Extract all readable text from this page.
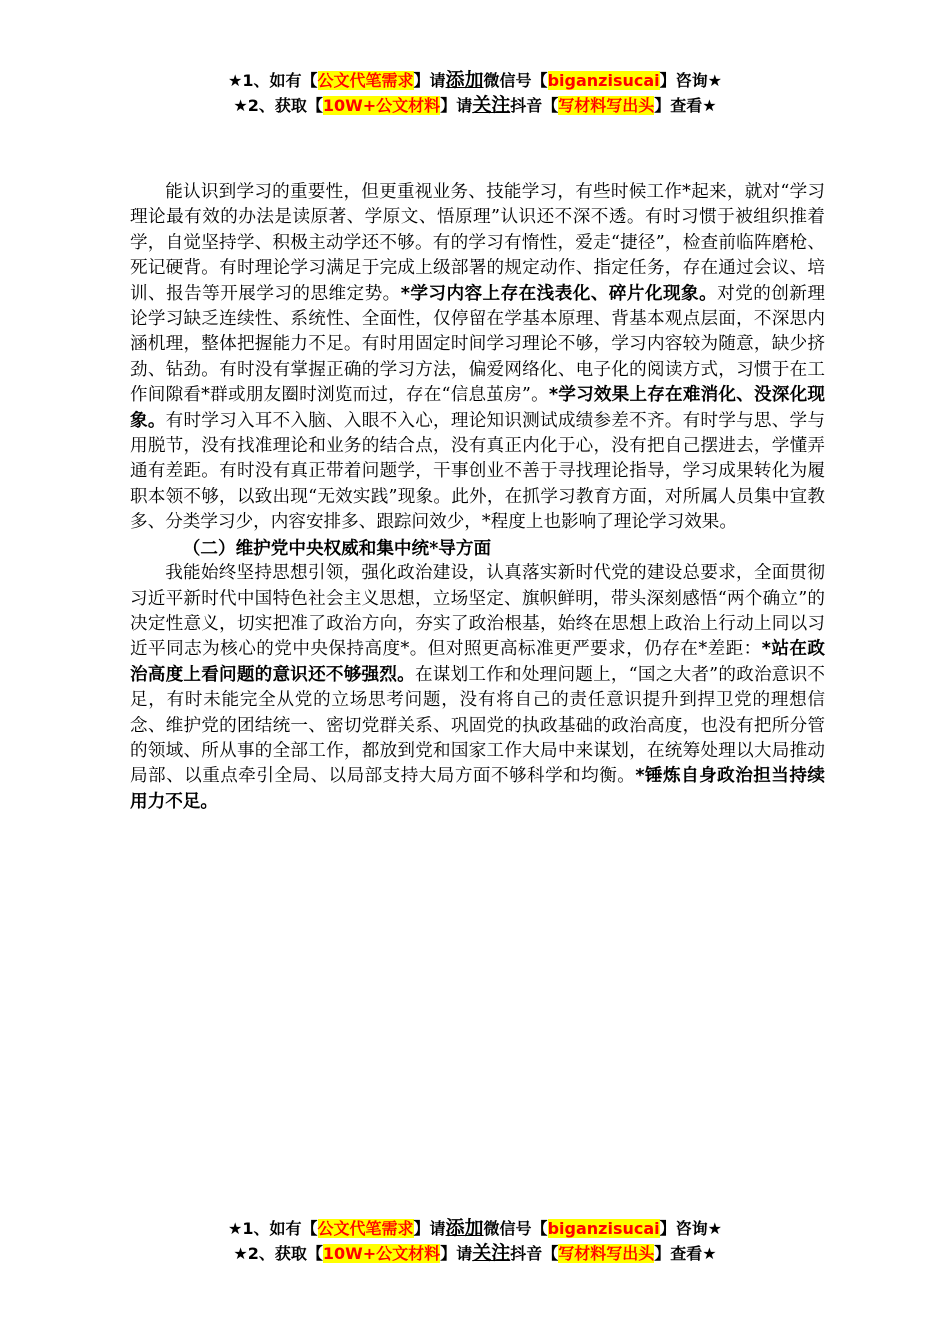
★1、如有【公文代笔需求】请添加微信号【biganzisucai】咨询★
★2、获取【10W+公文材料】请关注抖音【写材料写出头】查看★

能认识到学习的重要性，但更重视业务、技能学习，有些时候工作*起来，就对“学习理论最有效的办法是读原著、学原文、悟原理”认识还不深不透。有时习惯于被组织推着学，自觉坚持学、积极主动学还不够。有的学习有惰性，爱走“捷径”，检查前临阵磨枪、死记硬背。有时理论学习满足于完成上级部署的规定动作、指定任务，存在通过会议、培训、报告等开展学习的思维定势。*学习内容上存在浅表化、碎片化现象。对党的创新理论学习缺乏连续性、系统性、全面性，仅停留在学基本原理、背基本观点层面，不深思内涵机理，整体把握能力不足。有时用固定时间学习理论不够，学习内容较为随意，缺少挤劲、钻劲。有时没有掌握正确的学习方法，偏爱网络化、电子化的阅读方式，习惯于在工作间隙看*群或朋友圈时浏览而过，存在“信息茧房”。*学习效果上存在难消化、没深化现象。有时学习入耳不入脑、入眼不入心，理论知识测试成绩参差不齐。有时学与思、学与用脱节，没有找准理论和业务的结合点，没有真正内化于心，没有把自己摆进去，学懂弄通有差距。有时没有真正带着问题学，干事创业不善于寻找理论指导，学习成果转化为履职本领不够，以致出现“无效实践”现象。此外，在抓学习教育方面，对所属人员集中宣教多、分类学习少，内容安排多、跟踪问效少，*程度上也影响了理论学习效果。

（二）维护党中央权威和集中统*导方面

我能始终坚持思想引领，强化政治建设，认真落实新时代党的建设总要求，全面贯彻习近平新时代中国特色社会主义思想，立场坚定、旗帜鲜明，带头深刻感悟“两个确立”的决定性意义，切实把准了政治方向，夯实了政治根基，始终在思想上政治上行动上同以习近平同志为核心的党中央保持高度*。但对照更高标准更严要求，仍存在*差距：*站在政治高度上看问题的意识还不够强烈。在谋划工作和处理问题上，“国之大者”的政治意识不足，有时未能完全从党的立场思考问题，没有将自己的责任意识提升到捍卫党的理想信念、维护党的团结统一、密切党群关系、巩固党的执政基础的政治高度，也没有把所分管的领域、所从事的全部工作，都放到党和国家工作大局中来谋划，在统筹处理以大局推动局部、以重点牵引全局、以局部支持大局方面不够科学和均衡。*锤炼自身政治担当持续用力不足。

★1、如有【公文代笔需求】请添加微信号【biganzisucai】咨询★
★2、获取【10W+公文材料】请关注抖音【写材料写出头】查看★
